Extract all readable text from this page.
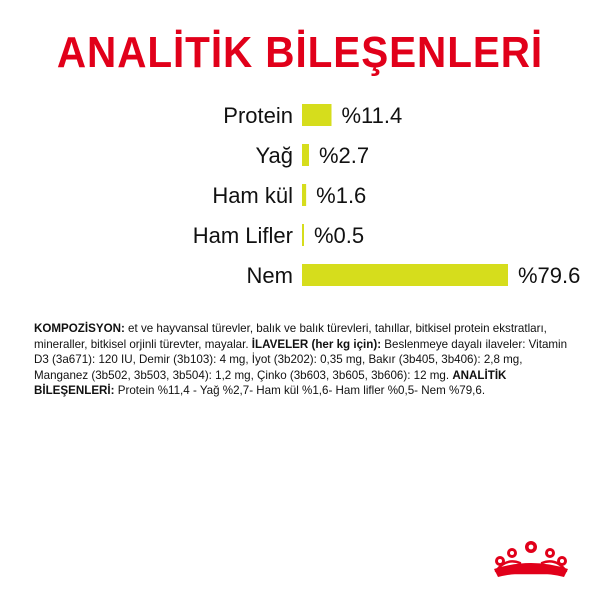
ANALİTİK BİLEŞENLERİ
Protein %11.4
Yağ %2.7
Ham kül %1.6
Ham Lifler %0.5
Nem	%79.6
KOMPOZİSYON: et ve hayvansal türevler, balık ve balık türevleri, tahıllar, bitkisel protein ekstratları, mineraller, bitkisel orjinli türevter, mayalar. İLAVELER (her kg için): Beslenmeye dayalı ilaveler: Vitamin D3 (3a671): 120 IU, Demir (3b103): 4 mg, İyot (3b202): 0,35 mg, Bakır (3b405, 3b406): 2,8 mg, Manganez (3b502, 3b503, 3b504): 1,2 mg, Çinko (3b603, 3b605, 3b606): 12 mg. ANALİTİK BİLEŞENLERİ: Protein %11,4 - Yağ %2,7- Ham kül %1,6- Ham lifler %0,5- Nem %79,6.
